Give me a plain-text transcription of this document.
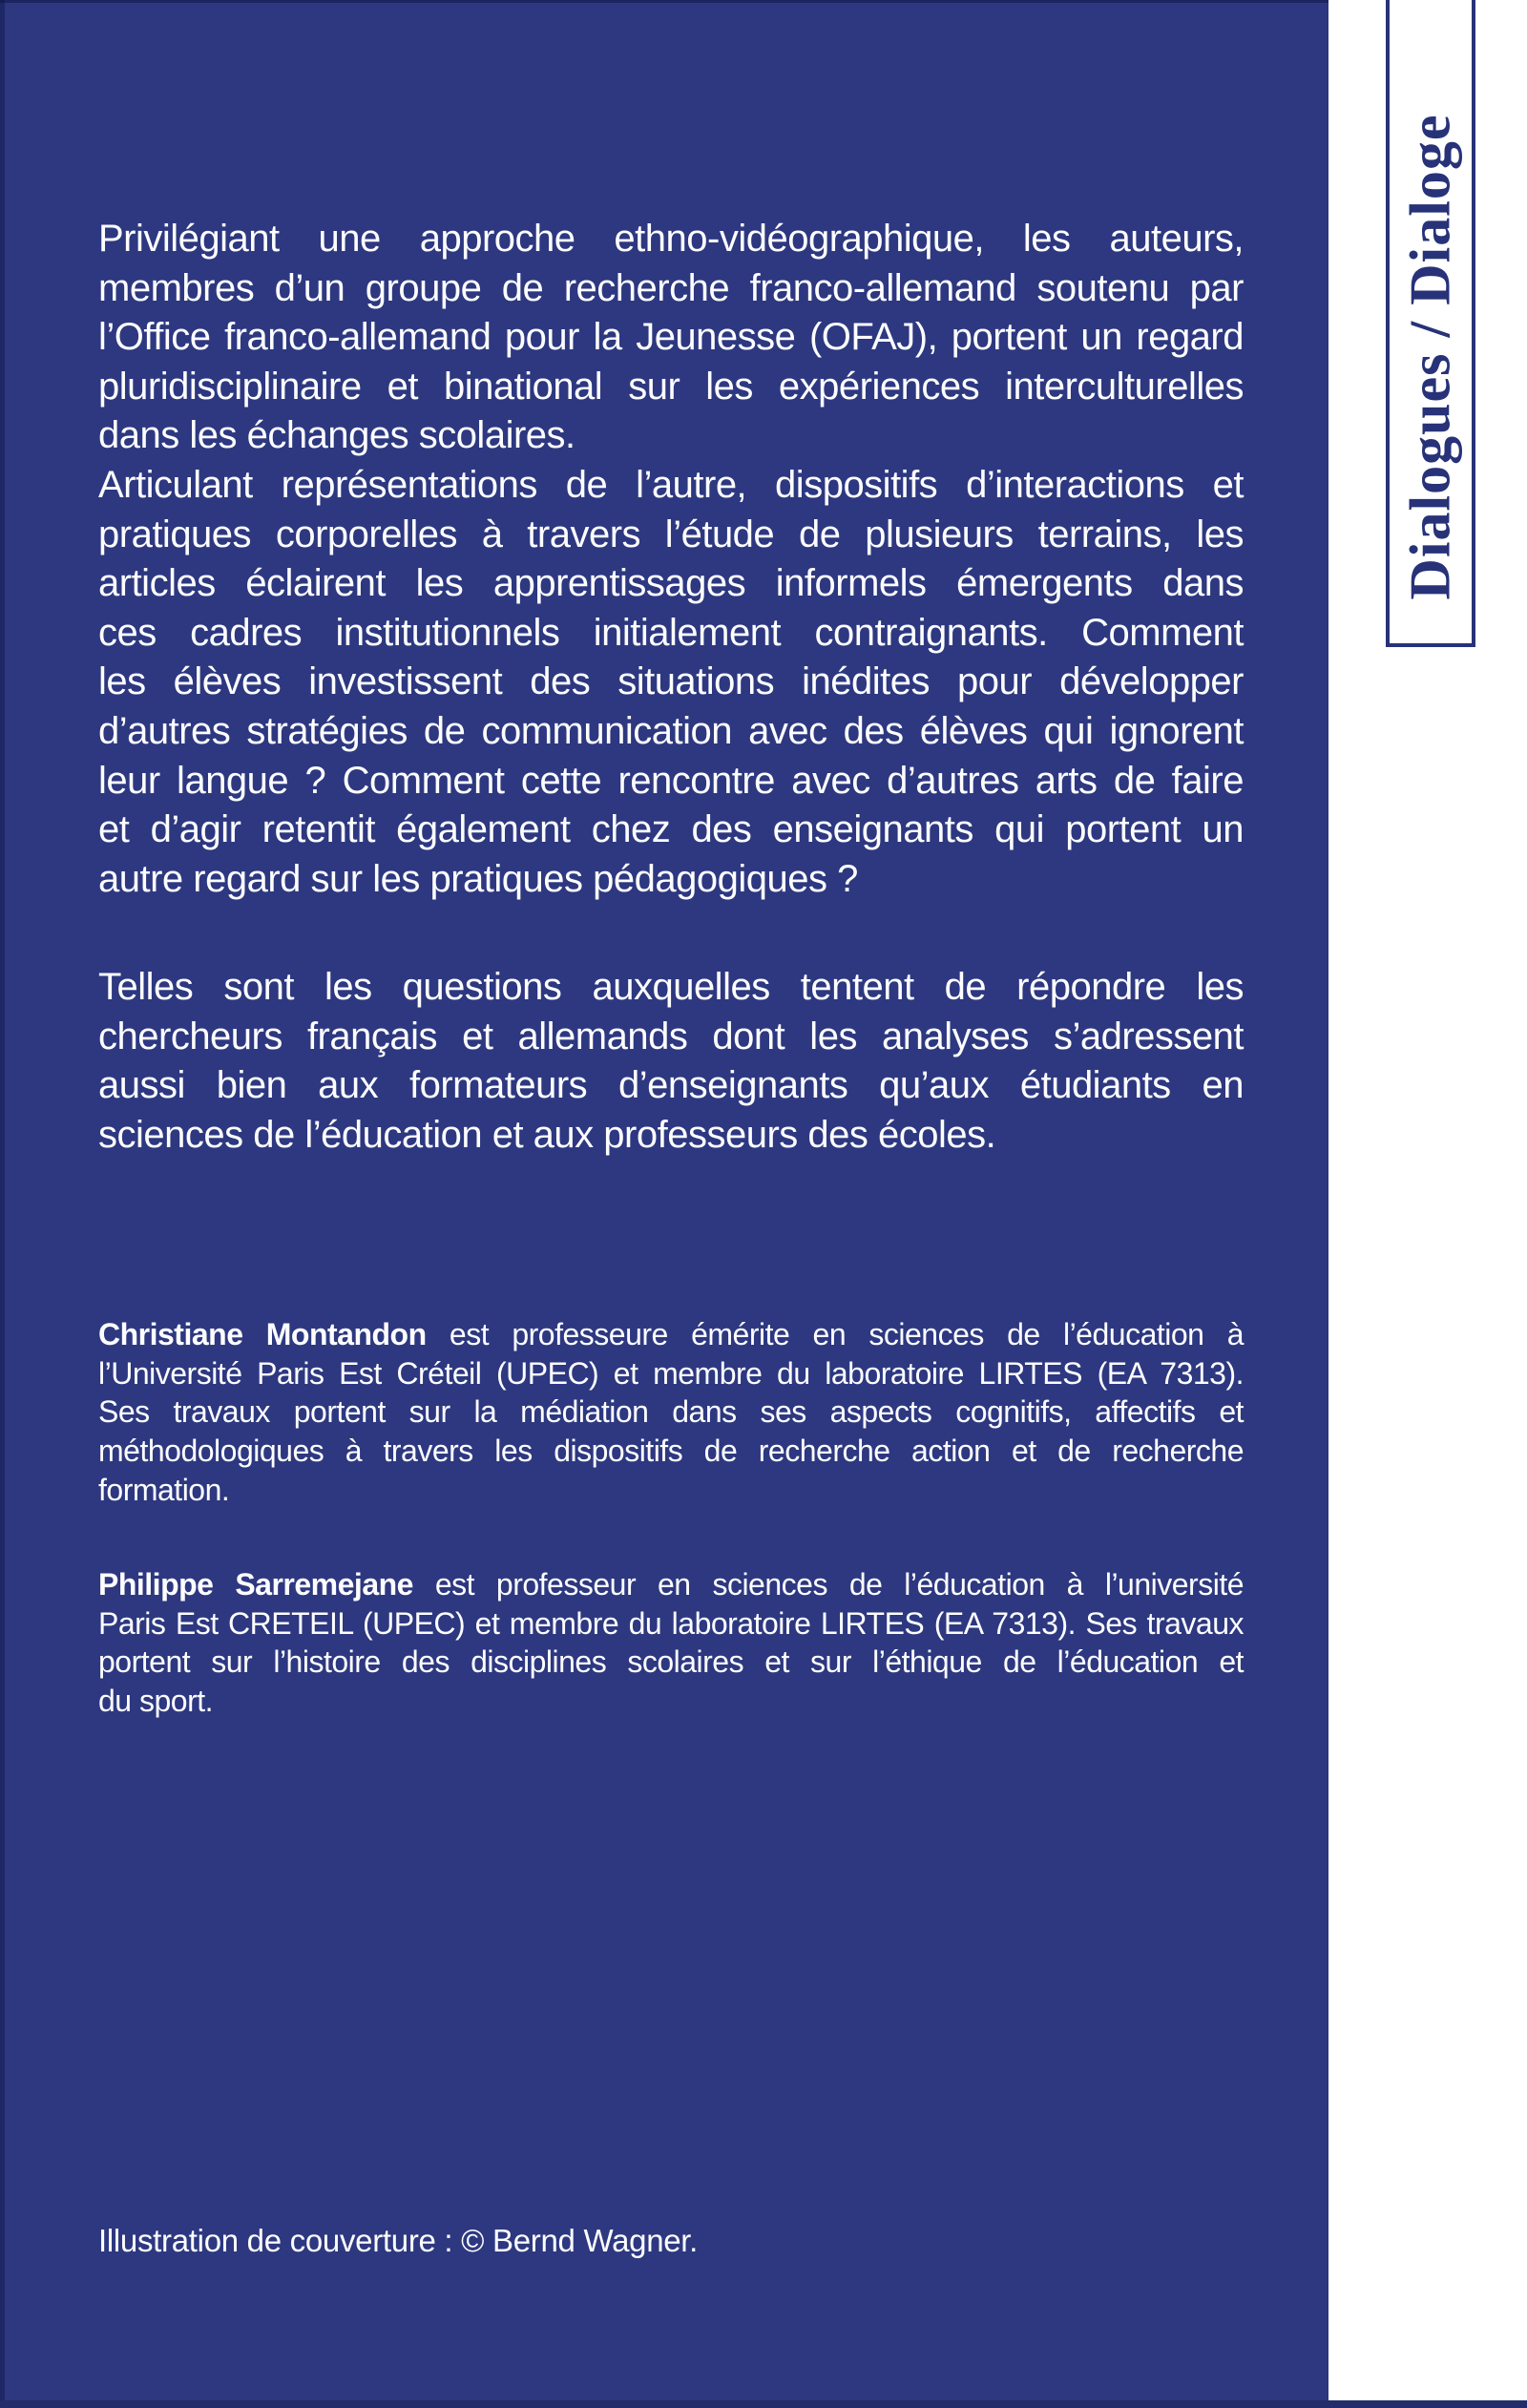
Privilégiant une approche ethno-vidéographique, les auteurs,
membres d’un groupe de recherche franco-allemand soutenu par
l’Office franco-allemand pour la Jeunesse (OFAJ), portent un regard
pluridisciplinaire et binational sur les expériences interculturelles
dans les échanges scolaires.
Articulant représentations de l’autre, dispositifs d’interactions et
pratiques corporelles à travers l’étude de plusieurs terrains, les
articles éclairent les apprentissages informels émergents dans
ces cadres institutionnels initialement contraignants. Comment
les élèves investissent des situations inédites pour développer
d’autres stratégies de communication avec des élèves qui ignorent
leur langue ? Comment cette rencontre avec d’autres arts de faire
et d’agir retentit également chez des enseignants qui portent un
autre regard sur les pratiques pédagogiques ?
Telles sont les questions auxquelles tentent de répondre les
chercheurs français et allemands dont les analyses s’adressent
aussi bien aux formateurs d’enseignants qu’aux étudiants en
sciences de l’éducation et aux professeurs des écoles.
Christiane Montandon est professeure émérite en sciences de l’éducation à
l’Université Paris Est Créteil (UPEC) et membre du laboratoire LIRTES (EA 7313).
Ses travaux portent sur la médiation dans ses aspects cognitifs, affectifs et
méthodologiques à travers les dispositifs de recherche action et de recherche
formation.
Philippe Sarremejane est professeur en sciences de l’éducation à l’université
Paris Est CRETEIL (UPEC) et membre du laboratoire LIRTES (EA 7313). Ses travaux
portent sur l’histoire des disciplines scolaires et sur l’éthique de l’éducation et
du sport.
Illustration de couverture : © Bernd Wagner.
Dialogues / Dialoge
